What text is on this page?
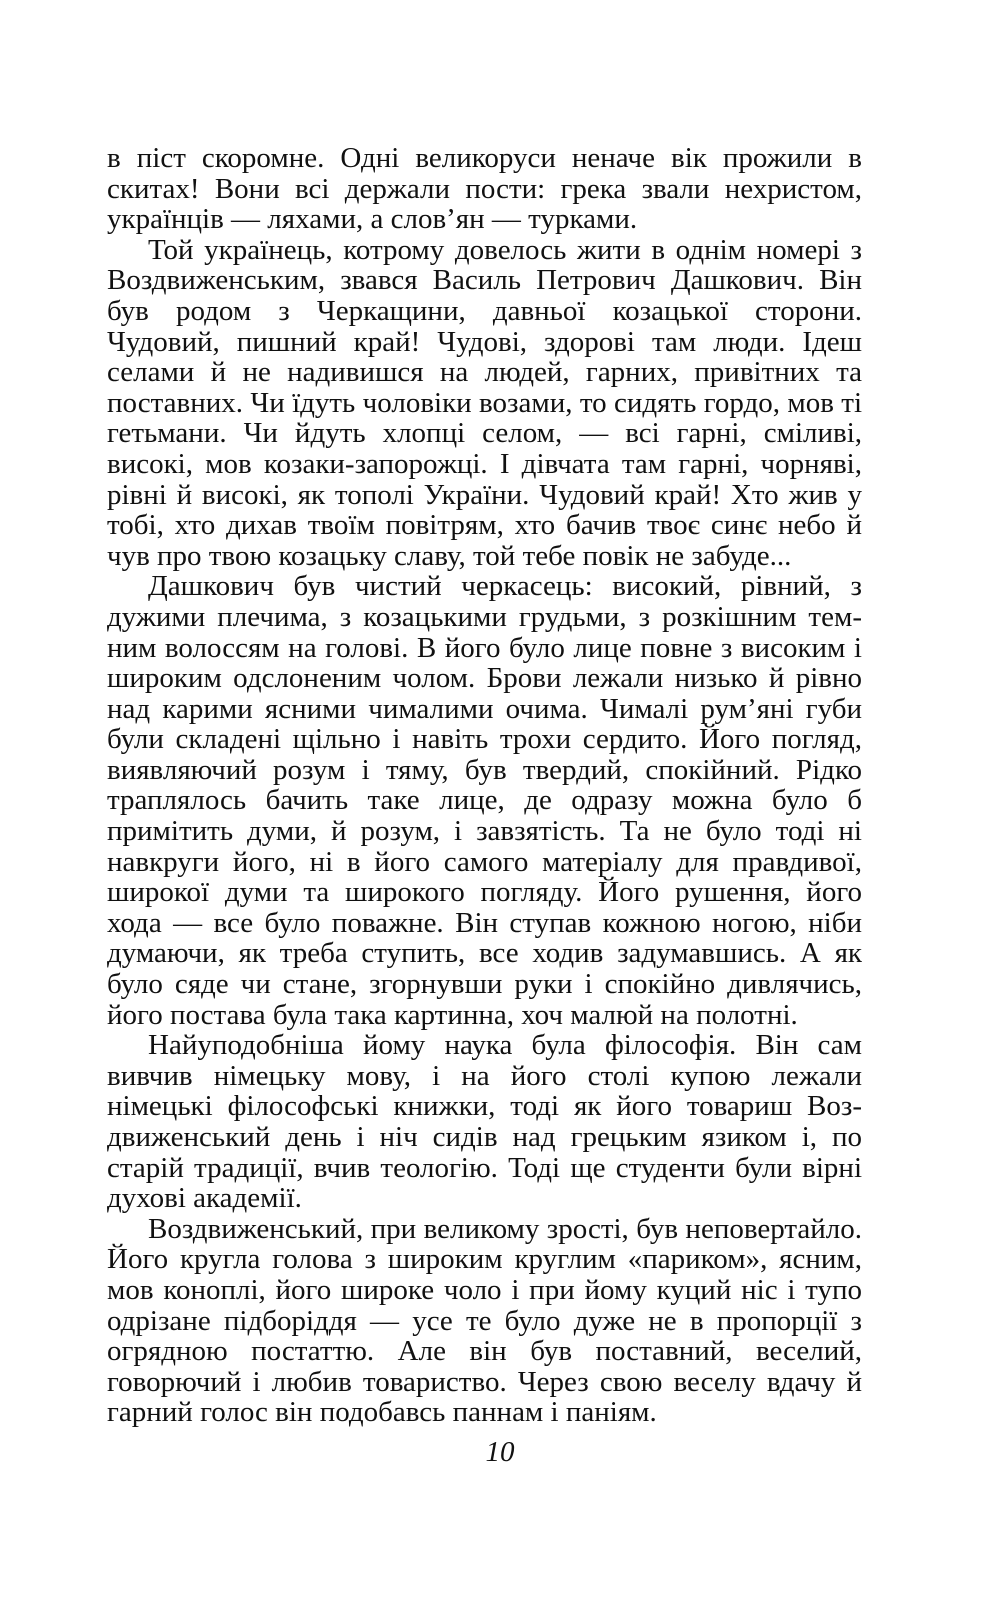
в піст скоромне. Одні великоруси неначе вік прожили в скитах! Вони всі держали пости: грека звали нехристом, українців — ляхами, а слов’ян — турками.

Той українець, котрому довелось жити в однім номері з Воздвиженським, звався Василь Петрович Дашкович. Він був родом з Черкащини, давньої козацької сторони. Чудовий, пишний край! Чудові, здорові там люди. Ідеш селами й не надивишся на людей, гарних, привітних та поставних. Чи їдуть чоловіки возами, то сидять гордо, мов ті гетьмани. Чи йдуть хлопці селом, — всі гарні, сміливі, високі, мов козаки-запорожці. І дівчата там гарні, чорняві, рівні й високі, як тополі України. Чудовий край! Хто жив у тобі, хто дихав твоїм повітрям, хто бачив твоє синє небо й чув про твою козацьку славу, той тебе повік не забуде...

Дашкович був чистий черкасець: високий, рівний, з дужими плечима, з козацькими грудьми, з розкішним темним волоссям на голові. В його було лице повне з високим і широким одслоненим чолом. Брови лежали низько й рівно над карими ясними чималими очима. Чималі рум’яні губи були складені щільно і навіть трохи сердито. Його погляд, виявляючий розум і тяму, був твердий, спокійний. Рідко траплялось бачить таке лице, де одразу можна було б примітить думи, й розум, і завзятість. Та не було тоді ні навкруги його, ні в його самого матеріалу для правдивої, широкої думи та широкого погляду. Його рушення, його хода — все було поважне. Він ступав кожною ногою, ніби думаючи, як треба ступить, все ходив задумавшись. А як було сяде чи стане, згорнувши руки і спокійно дивлячись, його постава була така картинна, хоч малюй на полотні.

Найуподобніша йому наука була філософія. Він сам вивчив німецьку мову, і на його столі купою лежали німецькі філософські книжки, тоді як його товариш Воздвиженський день і ніч сидів над грецьким язиком і, по старій традиції, вчив теологію. Тоді ще студенти були вірні духові академії.

Воздвиженський, при великому зрості, був неповертайло. Його кругла голова з широким круглим «париком», ясним, мов коноплі, його широке чоло і при йому куций ніс і тупо одрізане підборіддя — усе те було дуже не в пропорції з огрядною постаттю. Але він був поставний, веселий, говорючий і любив товариство. Через свою веселу вдачу й гарний голос він подобавсь паннам і паніям.

10
